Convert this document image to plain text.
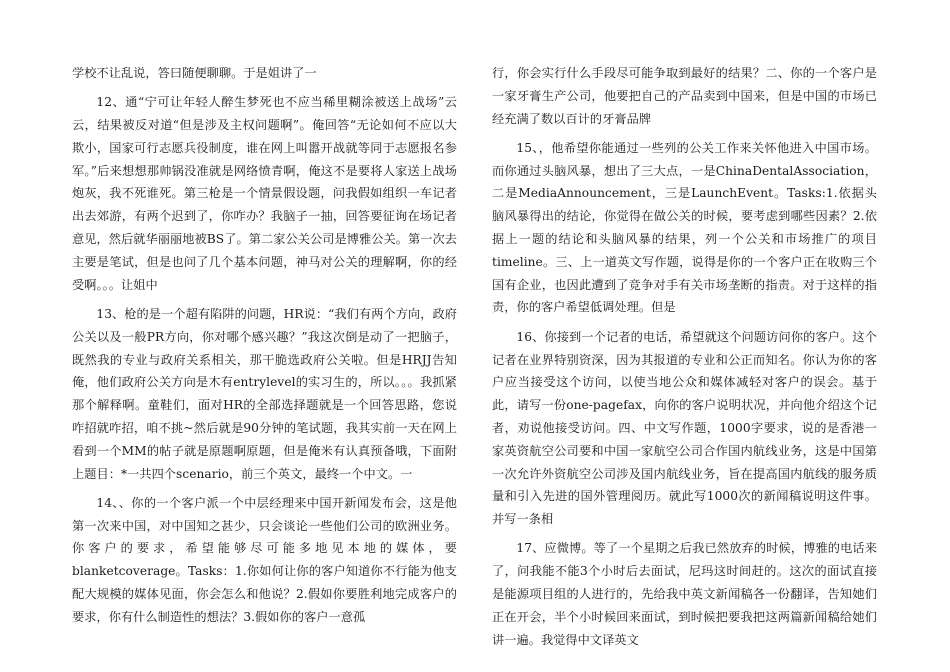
学校不让乱说，答曰随便聊聊。于是姐讲了一

12、通“宁可让年轻人醉生梦死也不应当稀里糊涂被送上战场”云云，结果被反对道“但是涉及主权问题啊”。俺回答“无论如何不应以大欺小，国家可行志愿兵役制度，谁在网上叫嚣开战就等同于志愿报名参军。”后来想想那帅锅没准就是网络愤青啊，俺这不是要将人家送上战场炮灰，我不死谁死。第三枪是一个情景假设题，问我假如组织一车记者出去郊游，有两个迟到了，你咋办？我脑子一抽，回答要征询在场记者意见，然后就华丽丽地被BS了。第二家公关公司是博雅公关。第一次去主要是笔试，但是也问了几个基本问题，神马对公关的理解啊，你的经受啊。。。让姐中

13、枪的是一个超有陷阱的问题，HR说：“我们有两个方向，政府公关以及一般PR方向，你对哪个感兴趣？”我这次倒是动了一把脑子，既然我的专业与政府关系相关，那干脆选政府公关啦。但是HRJJ告知俺，他们政府公关方向是木有entrylevel的实习生的，所以。。。我抓紧那个解释啊。童鞋们，面对HR的全部选择题就是一个回答思路，您说咋招就咋招，咱不挑~然后就是90分钟的笔试题，我其实前一天在网上看到一个MM的帖子就是原题啊原题，但是俺米有认真预备哦，下面附上题目：*一共四个scenario，前三个英文，最终一个中文。一

14、、你的一个客户派一个中层经理来中国开新闻发布会，这是他第一次来中国，对中国知之甚少，只会谈论一些他们公司的欧洲业务。你客户的要求，希望能够尽可能多地见本地的媒体，要blanketcoverage。Tasks：1.你如何让你的客户知道你不行能为他支配大规模的媒体见面，你会怎么和他说？2.假如你要胜利地完成客户的要求，你有什么制造性的想法？3.假如你的客户一意孤

行，你会实行什么手段尽可能争取到最好的结果？二、你的一个客户是一家牙膏生产公司，他要把自己的产品卖到中国来，但是中国的市场已经充满了数以百计的牙膏品牌

15、，他希望你能通过一些列的公关工作来关怀他进入中国市场。而你通过头脑风暴，想出了三大点，一是ChinaDentalAssociation，二是MediaAnnouncement，三是LaunchEvent。Tasks:1.依据头脑风暴得出的结论，你觉得在做公关的时候，要考虑到哪些因素？2.依据上一题的结论和头脑风暴的结果，列一个公关和市场推广的项目timeline。三、上一道英文写作题，说得是你的一个客户正在收购三个国有企业，也因此遭到了竞争对手有关市场垄断的指责。对于这样的指责，你的客户希望低调处理。但是

16、你接到一个记者的电话，希望就这个问题访问你的客户。这个记者在业界特别资深，因为其报道的专业和公正而知名。你认为你的客户应当接受这个访问，以使当地公众和媒体减轻对客户的误会。基于此，请写一份one-pagefax，向你的客户说明状况，并向他介绍这个记者，劝说他接受访问。四、中文写作题，1000字要求，说的是香港一家英资航空公司要和中国一家航空公司合作国内航线业务，这是中国第一次允许外资航空公司涉及国内航线业务，旨在提高国内航线的服务质量和引入先进的国外管理阅历。就此写1000次的新闻稿说明这件事。并写一条相

17、应微博。等了一个星期之后我已然放弃的时候，博雅的电话来了，问我能不能3个小时后去面试，尼玛这时间赶的。这次的面试直接是能源项目组的人进行的，先给我中英文新闻稿各一份翻译，告知她们正在开会，半个小时候回来面试，到时候把要我把这两篇新闻稿给她们讲一遍。我觉得中文译英文
